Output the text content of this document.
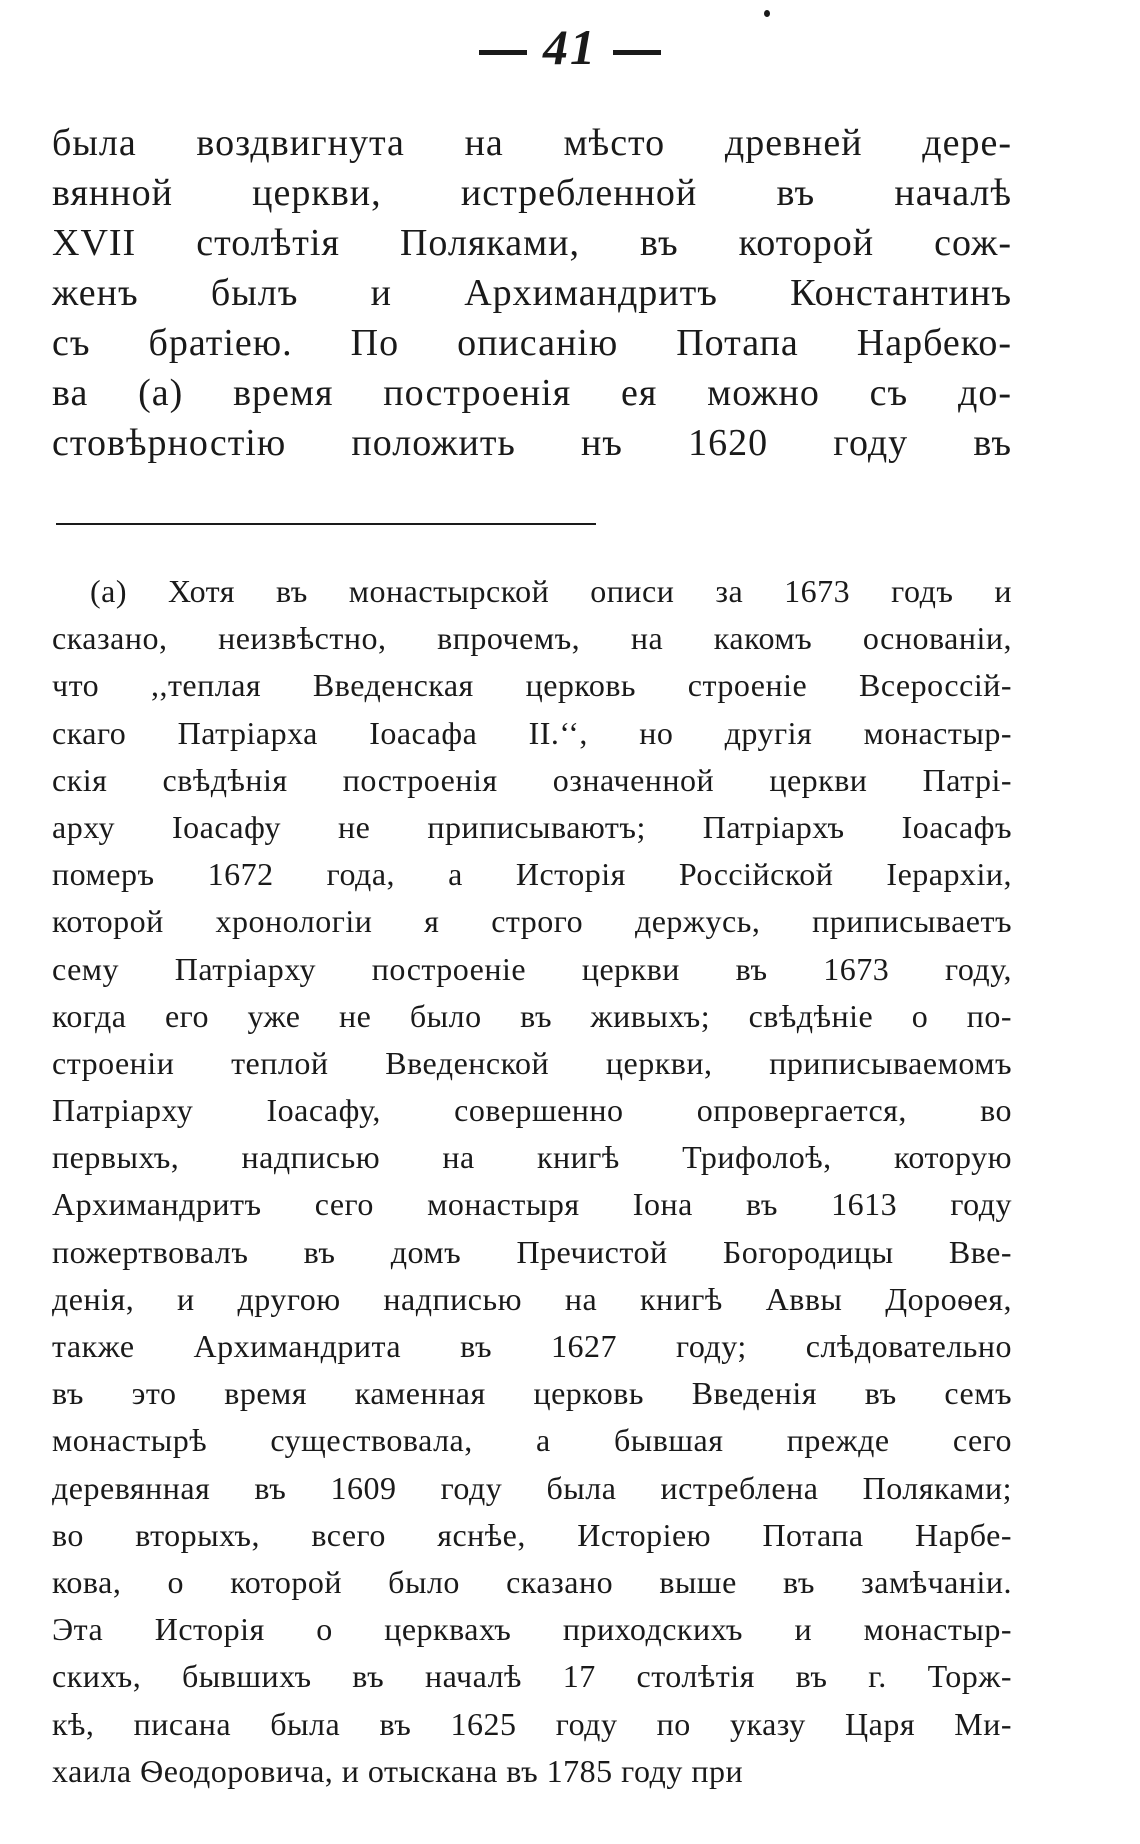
41
была воздвигнута на мѣсто древней дере-
вянной церкви, истребленной въ началѣ
XVII столѣтія Поляками, въ которой сож-
женъ былъ и Архимандритъ Константинъ
съ братіею. По описанію Потапа Нарбеко-
ва (а) время построенія ея можно съ до-
стовѣрностію положить нъ 1620 году въ
(а) Хотя въ монастырской описи за 1673 годъ и
сказано, неизвѣстно, впрочемъ, на какомъ основаніи,
что ,,теплая Введенская церковь строеніе Всероссій-
скаго Патріарха Іоасафа II.‘‘, но другія монастыр-
скія свѣдѣнія построенія означенной церкви Патрі-
арху Іоасафу не приписываютъ; Патріархъ Іоасафъ
померъ 1672 года, а Исторія Россійской Іерархіи,
которой хронологіи я строго держусь, приписываетъ
сему Патріарху построеніе церкви въ 1673 году,
когда его уже не было въ живыхъ; свѣдѣніе о по-
строеніи теплой Введенской церкви, приписываемомъ
Патріарху Іоасафу, совершенно опровергается, во
первыхъ, надписью на книгѣ Трифолоѣ, которую
Архимандритъ сего монастыря Іона въ 1613 году
пожертвовалъ въ домъ Пречистой Богородицы Вве-
денія, и другою надписью на книгѣ Аввы Дороѳея,
также Архимандрита въ 1627 году; слѣдовательно
въ это время каменная церковь Введенія въ семъ
монастырѣ существовала, а бывшая прежде сего
деревянная въ 1609 году была истреблена Поляками;
во вторыхъ, всего яснѣе, Исторіею Потапа Нарбе-
кова, о которой было сказано выше въ замѣчаніи.
Эта Исторія о церквахъ приходскихъ и монастыр-
скихъ, бывшихъ въ началѣ 17 столѣтія въ г. Торж-
кѣ, писана была въ 1625 году по указу Царя Ми-
хаила Ѳеодоровича, и отыскана въ 1785 году при
